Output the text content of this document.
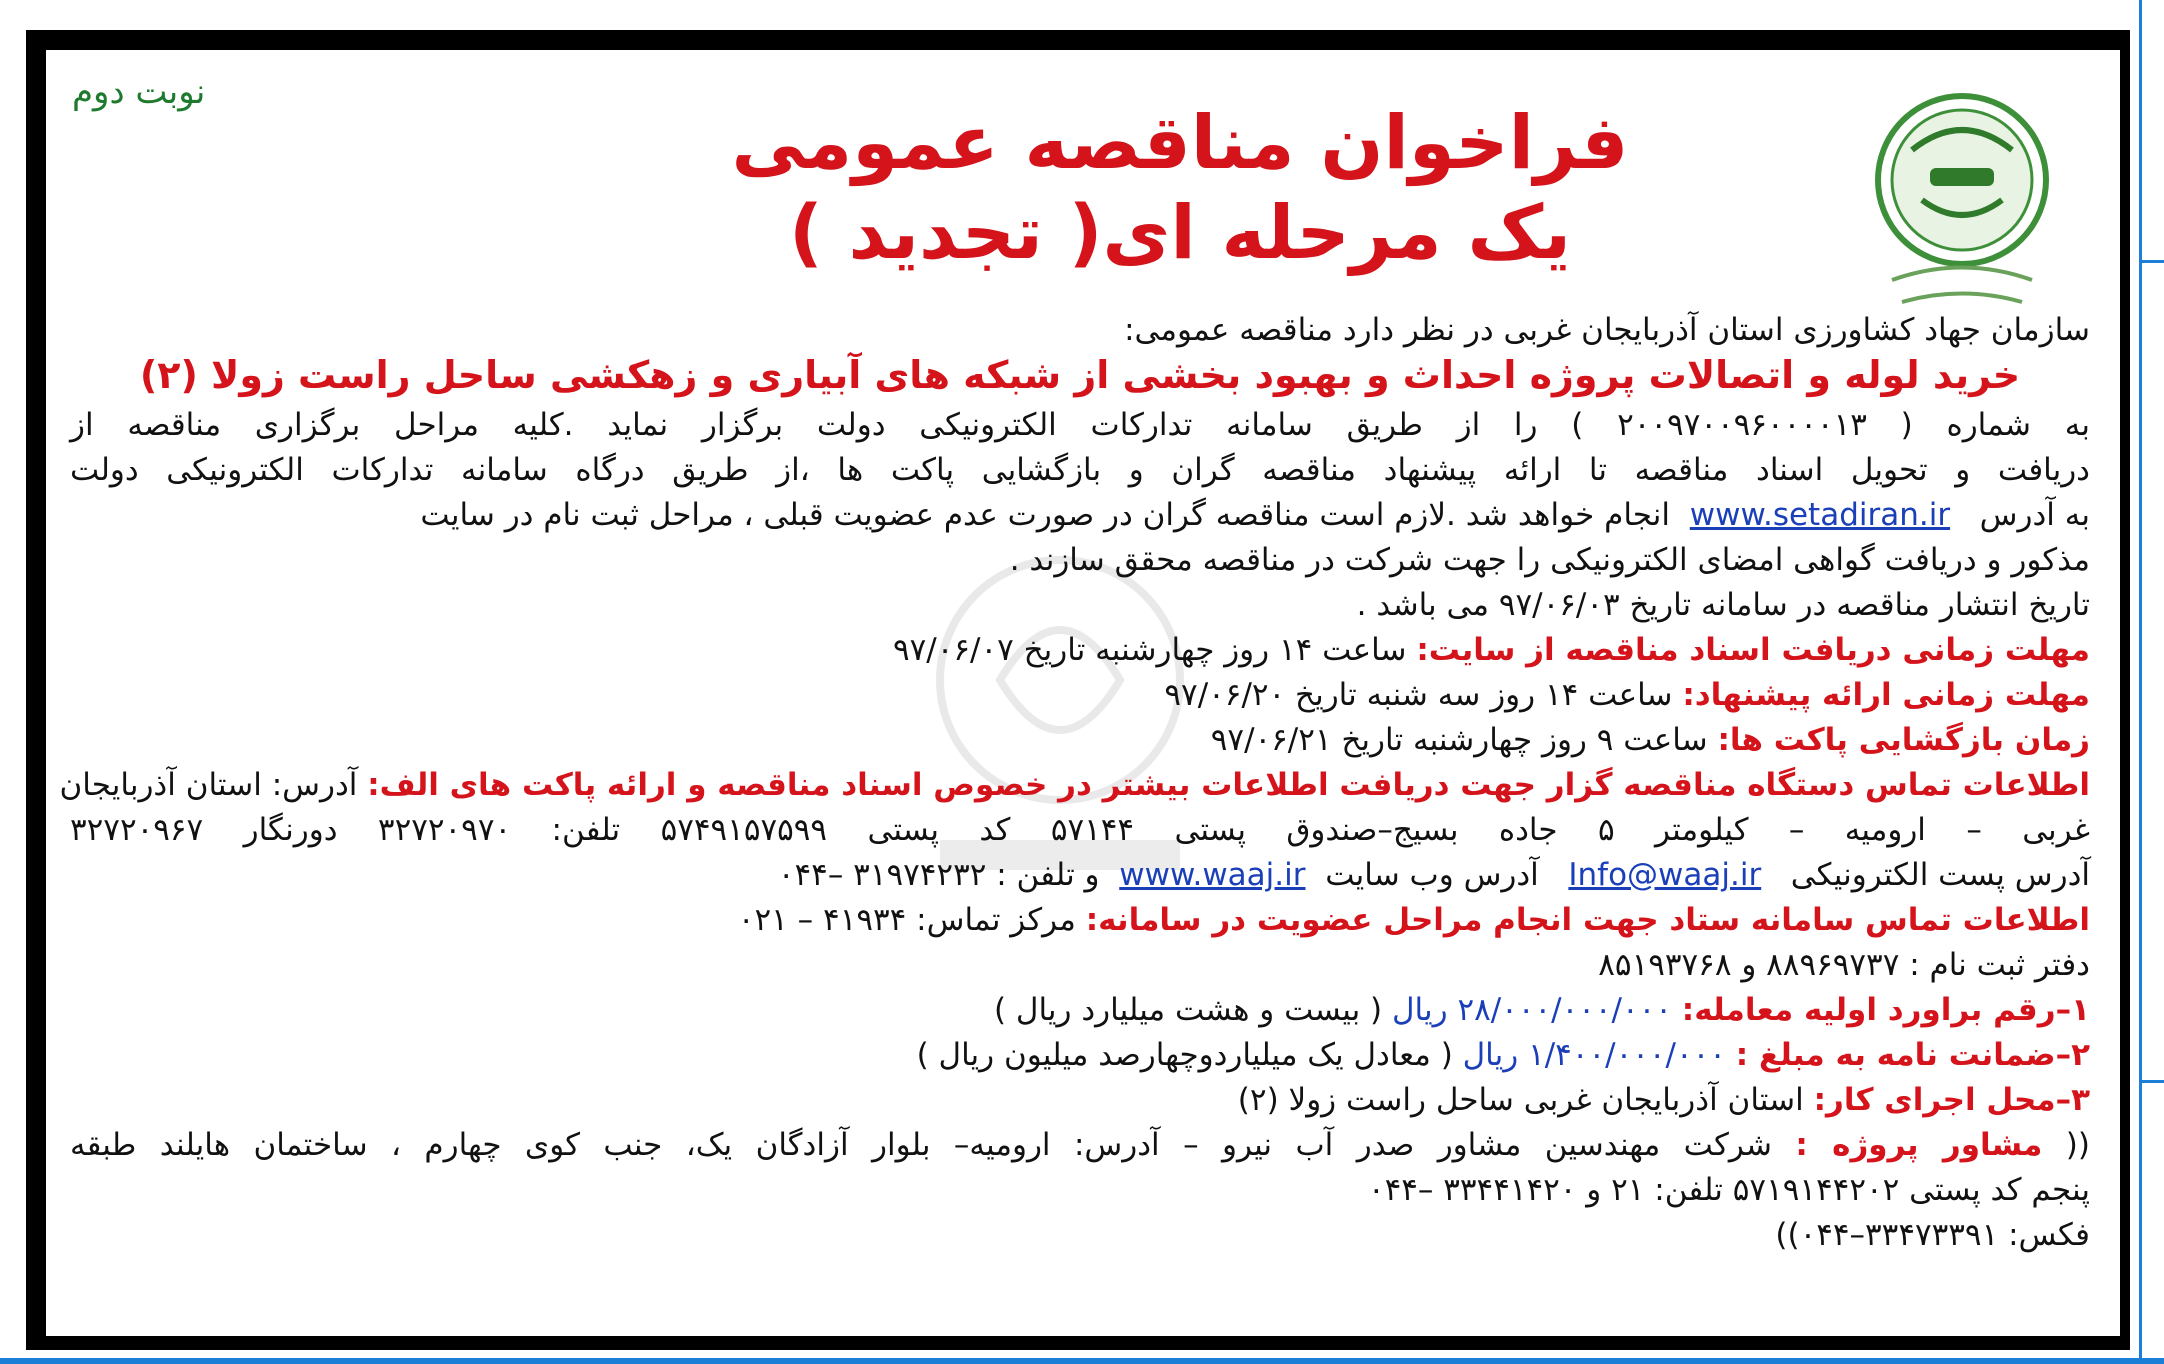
نوبت دوم
فراخوان مناقصه عمومی
یک مرحله ای( تجدید )
سازمان جهاد کشاورزی استان آذربایجان غربی در نظر دارد مناقصه عمومی:
خرید لوله و اتصالات پروژه احداث و بهبود بخشی از شبکه های آبیاری و زهکشی ساحل راست زولا (۲)
به شماره ( ۲۰۰۹۷۰۰۹۶۰۰۰۰۱۳ ) را از طریق سامانه تدارکات الکترونیکی دولت برگزار نماید .کلیه مراحل برگزاری مناقصه از
دریافت و تحویل اسناد مناقصه تا ارائه پیشنهاد مناقصه گران و بازگشایی پاکت ها ،از طریق درگاه سامانه تدارکات الکترونیکی دولت
به آدرس   www.setadiran.ir  انجام خواهد شد .لازم است مناقصه گران در صورت عدم عضویت قبلی ، مراحل ثبت نام در سایت
مذکور و دریافت گواهی امضای الکترونیکی را جهت شرکت در مناقصه محقق سازند .
تاریخ انتشار مناقصه در سامانه تاریخ ۹۷/۰۶/۰۳ می باشد .
مهلت زمانی دریافت اسناد مناقصه از سایت: ساعت ۱۴ روز چهارشنبه تاریخ ۹۷/۰۶/۰۷
مهلت زمانی ارائه پیشنهاد: ساعت ۱۴ روز سه شنبه تاریخ ۹۷/۰۶/۲۰
زمان بازگشایی پاکت ها: ساعت ۹ روز چهارشنبه تاریخ ۹۷/۰۶/۲۱
اطلاعات تماس دستگاه مناقصه گزار جهت دریافت اطلاعات بیشتر در خصوص اسناد مناقصه و ارائه پاکت های الف: آدرس: استان آذربایجان
غربی – ارومیه – کیلومتر ۵ جاده بسیج–صندوق پستی ۵۷۱۴۴ کد پستی ۵۷۴۹۱۵۷۵۹۹ تلفن: ۳۲۷۲۰۹۷۰ دورنگار ۳۲۷۲۰۹۶۷
آدرس پست الکترونیکی   Info@waaj.ir   آدرس وب سایت  www.waaj.ir  و تلفن : ۳۱۹۷۴۲۳۲ –۰۴۴
اطلاعات تماس سامانه ستاد جهت انجام مراحل عضویت در سامانه: مرکز تماس: ۴۱۹۳۴ – ۰۲۱
دفتر ثبت نام : ۸۸۹۶۹۷۳۷ و ۸۵۱۹۳۷۶۸
۱–رقم براورد اولیه معامله: ۲۸/۰۰۰/۰۰۰/۰۰۰ ریال ( بیست و هشت میلیارد ریال )
۲–ضمانت نامه به مبلغ : ۱/۴۰۰/۰۰۰/۰۰۰ ریال ( معادل یک میلیاردوچهارصد میلیون ریال )
۳–محل اجرای کار: استان آذربایجان غربی ساحل راست زولا (۲)
(( مشاور پروژه : شرکت مهندسین مشاور صدر آب نیرو – آدرس: ارومیه– بلوار آزادگان یک، جنب کوی چهارم ، ساختمان هایلند طبقه
پنجم کد پستی ۵۷۱۹۱۴۴۲۰۲ تلفن: ۲۱ و ۳۳۴۴۱۴۲۰ –۰۴۴
فکس: ۳۳۴۷۳۳۹۱–۰۴۴))
